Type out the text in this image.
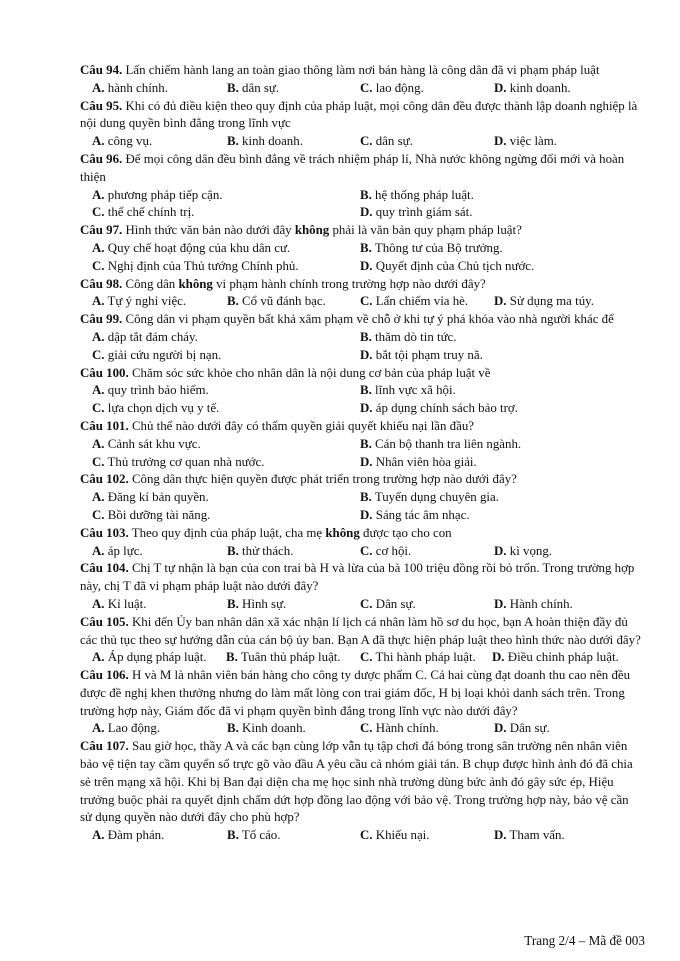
Câu 94. Lấn chiếm hành lang an toàn giao thông làm nơi bán hàng là công dân đã vi phạm pháp luật

A. hành chính.	B. dân sự.	C. lao động.	D. kinh doanh.

Câu 95. Khi có đủ điều kiện theo quy định của pháp luật, mọi công dân đều được thành lập doanh nghiệp là nội dung quyền bình đẳng trong lĩnh vực

A. công vụ.	B. kinh doanh.	C. dân sự.	D. việc làm.

Câu 96. Để mọi công dân đều bình đẳng về trách nhiệm pháp lí, Nhà nước không ngừng đổi mới và hoàn thiện

A. phương pháp tiếp cận.	B. hệ thống pháp luật.
C. thể chế chính trị.	D. quy trình giám sát.

Câu 97. Hình thức văn bản nào dưới đây không phải là văn bản quy phạm pháp luật?

A. Quy chế hoạt động của khu dân cư.	B. Thông tư của Bộ trưởng.
C. Nghị định của Thủ tướng Chính phủ.	D. Quyết định của Chủ tịch nước.

Câu 98. Công dân không vi phạm hành chính trong trường hợp nào dưới đây?

A. Tự ý nghỉ việc.	B. Cổ vũ đánh bạc.	C. Lấn chiếm vỉa hè. D. Sử dụng ma túy.

Câu 99. Công dân vi phạm quyền bất khả xâm phạm về chỗ ở khi tự ý phá khóa vào nhà người khác để

A. dập tắt đám cháy.	B. thăm dò tin tức.
C. giải cứu người bị nạn.	D. bắt tội phạm truy nã.

Câu 100. Chăm sóc sức khỏe cho nhân dân là nội dung cơ bản của pháp luật về

A. quy trình bảo hiểm.	B. lĩnh vực xã hội.
C. lựa chọn dịch vụ y tế.	D. áp dụng chính sách bảo trợ.

Câu 101. Chủ thể nào dưới đây có thẩm quyền giải quyết khiếu nại lần đầu?

A. Cảnh sát khu vực.	B. Cán bộ thanh tra liên ngành.
C. Thủ trưởng cơ quan nhà nước.	D. Nhân viên hòa giải.

Câu 102. Công dân thực hiện quyền được phát triển trong trường hợp nào dưới đây?

A. Đăng kí bản quyền.	B. Tuyển dụng chuyên gia.
C. Bồi dưỡng tài năng.	D. Sáng tác âm nhạc.

Câu 103. Theo quy định của pháp luật, cha mẹ không được tạo cho con

A. áp lực.	B. thử thách.	C. cơ hội.	D. kì vọng.

Câu 104. Chị T tự nhận là bạn của con trai bà H và lừa của bà 100 triệu đồng rồi bỏ trốn. Trong trường hợp này, chị T đã vi phạm pháp luật nào dưới đây?

A. Kỉ luật.	B. Hình sự.	C. Dân sự.	D. Hành chính.

Câu 105. Khi đến Ủy ban nhân dân xã xác nhận lí lịch cá nhân làm hồ sơ du học, bạn A hoàn thiện đầy đủ các thủ tục theo sự hướng dẫn của cán bộ ủy ban. Bạn A đã thực hiện pháp luật theo hình thức nào dưới đây?

A. Áp dụng pháp luật. B. Tuân thủ pháp luật. C. Thi hành pháp luật. D. Điều chỉnh pháp luật.

Câu 106. H và M là nhân viên bán hàng cho công ty dược phẩm C. Cả hai cùng đạt doanh thu cao nên đều được đề nghị khen thưởng nhưng do làm mất lòng con trai giám đốc, H bị loại khỏi danh sách trên. Trong trường hợp này, Giám đốc đã vi phạm quyền bình đẳng trong lĩnh vực nào dưới đây?

A. Lao động.	B. Kinh doanh.	C. Hành chính.	D. Dân sự.

Câu 107. Sau giờ học, thầy A và các bạn cùng lớp vẫn tụ tập chơi đá bóng trong sân trường nên nhân viên bảo vệ tiện tay cầm quyển sổ trực gõ vào đầu A yêu cầu cả nhóm giải tán. B chụp được hình ảnh đó đã chia sẻ trên mạng xã hội. Khi bị Ban đại diện cha mẹ học sinh nhà trường dùng bức ảnh đó gây sức ép, Hiệu trưởng buộc phải ra quyết định chấm dứt hợp đồng lao động với bảo vệ. Trong trường hợp này, bảo vệ cần sử dụng quyền nào dưới đây cho phù hợp?

A. Đàm phán.	B. Tố cáo.	C. Khiếu nại.	D. Tham vấn.
Trang 2/4 – Mã đề 003
